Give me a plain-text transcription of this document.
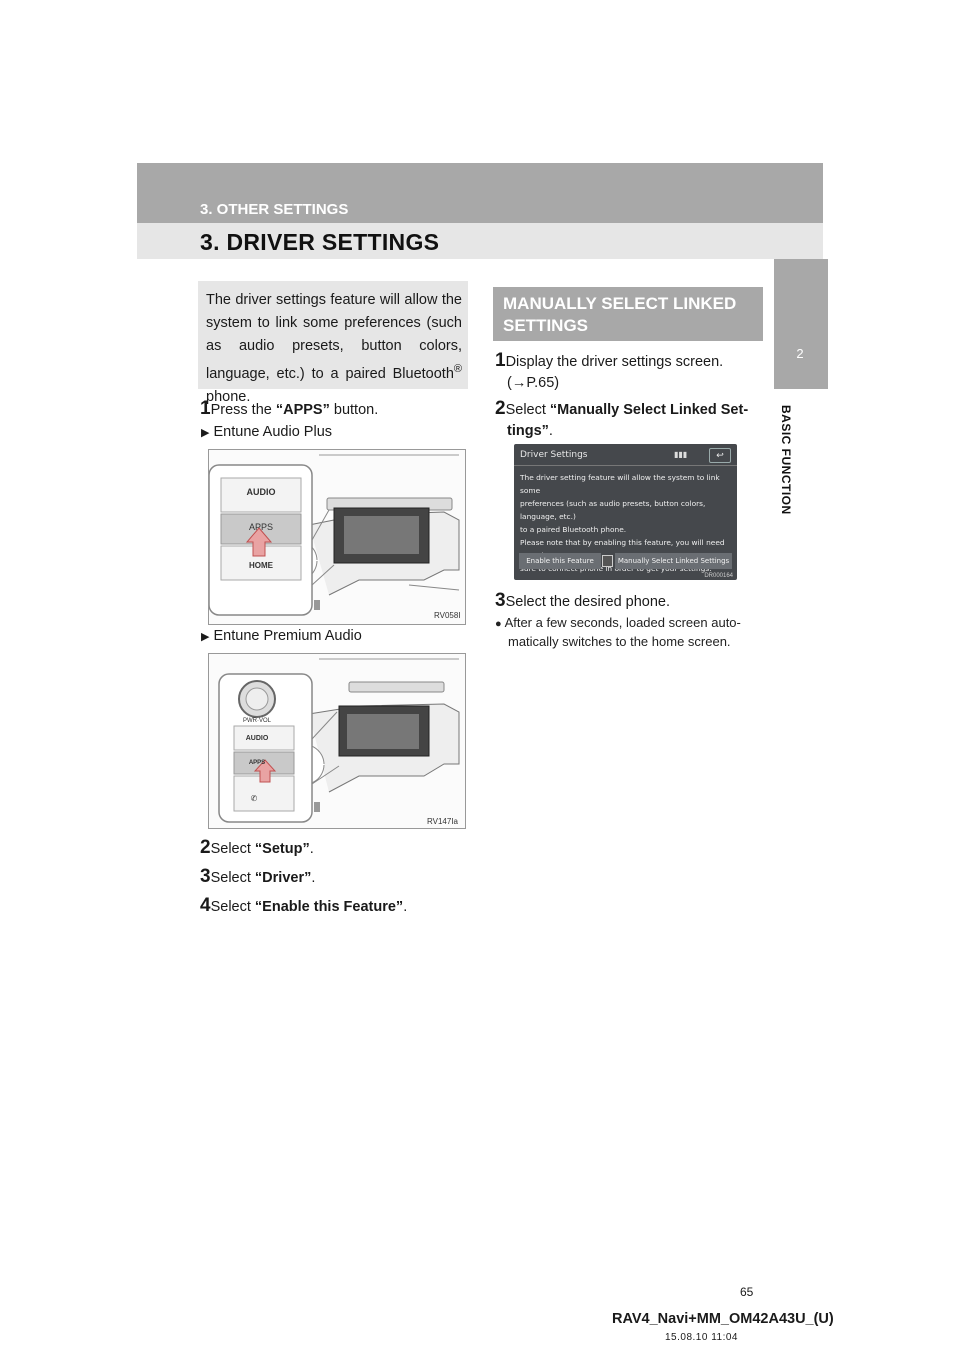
3. OTHER SETTINGS
3. DRIVER SETTINGS
2
BASIC FUNCTION
The driver settings feature will allow the system to link some preferences (such as audio presets, button colors, language, etc.) to a paired Bluetooth® phone.
1Press the “APPS” button.
▶ Entune Audio Plus
AUDIO
APPS
HOME
RV058I
▶ Entune Premium Audio
PWR·VOL
AUDIO
APPS
✆
RV147Ia
2Select “Setup”.
3Select “Driver”.
4Select “Enable this Feature”.
MANUALLY SELECT LINKED
SETTINGS
1Display the driver settings screen.
(→P.65)
2Select “Manually Select Linked Set-
tings”.
Driver Settings	▮▮▮	↩
The driver setting feature will allow the system to link some
preferences (such as audio presets, button colors, language, etc.)
to a paired Bluetooth phone.
Please note that by enabling this feature, you will need
in
Enable this Feature	Manually Select Linked Settings
DR000164
3Select the desired phone.
● After a few seconds, loaded screen auto-
matically switches to the home screen.
65
RAV4_Navi+MM_OM42A43U_(U)
15.08.10 11:04
